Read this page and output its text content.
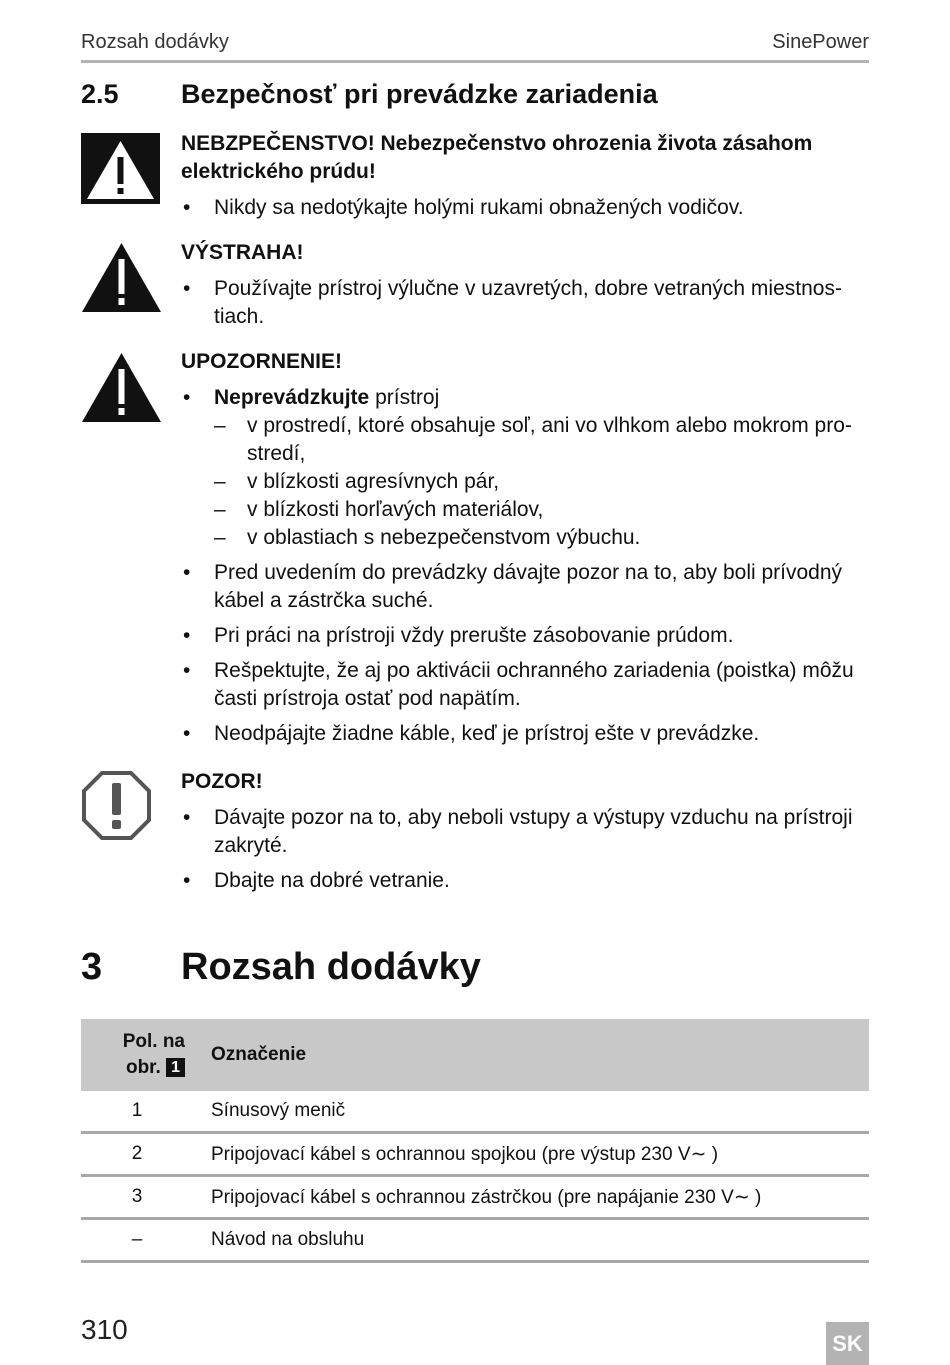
Rozsah dodávky	SinePower
2.5 Bezpečnosť pri prevádzke zariadenia
NEBZPEČENSTVO! Nebezpečenstvo ohrozenia života zásahom elektrického prúdu!
• Nikdy sa nedotýkajte holými rukami obnažených vodičov.
VÝSTRAHA!
• Používajte prístroj výlučne v uzavretých, dobre vetraných miestnos-tiach.
UPOZORNENIE!
• Neprevádzkujte prístroj
– v prostredí, ktoré obsahuje soľ, ani vo vlhkom alebo mokrom pro-stredí,
– v blízkosti agresívnych pár,
– v blízkosti horľavých materiálov,
– v oblastiach s nebezpečenstvom výbuchu.
• Pred uvedením do prevádzky dávajte pozor na to, aby boli prívodný kábel a zástrčka suché.
• Pri práci na prístroji vždy prerušte zásobovanie prúdom.
• Rešpektujte, že aj po aktivácii ochranného zariadenia (poistka) môžu časti prístroja ostať pod napätím.
• Neodpájajte žiadne káble, keď je prístroj ešte v prevádzke.
POZOR!
• Dávajte pozor na to, aby neboli vstupy a výstupy vzduchu na prístroji zakryté.
• Dbajte na dobré vetranie.
3 Rozsah dodávky
Pol. na
obr. 1	Označenie
1	Sínusový menič
2	Pripojovací kábel s ochrannou spojkou (pre výstup 230 V∼ )
3	Pripojovací kábel s ochrannou zástrčkou (pre napájanie 230 V∼ )
–	Návod na obsluhu
310	SK
